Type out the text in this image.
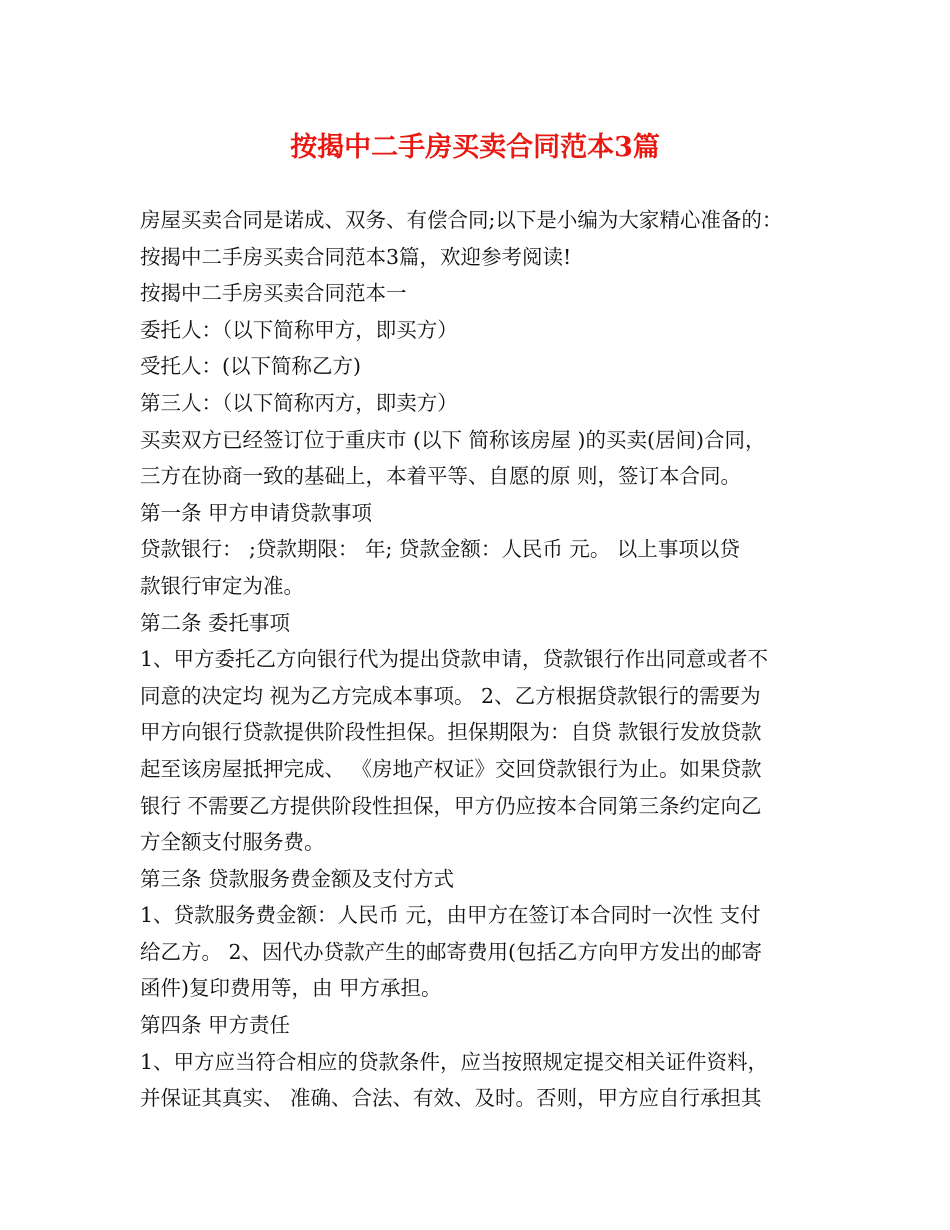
按揭中二手房买卖合同范本3篇
房屋买卖合同是诺成、双务、有偿合同;以下是小编为大家精心准备的：
按揭中二手房买卖合同范本3篇，欢迎参考阅读!
按揭中二手房买卖合同范本一
委托人：（以下简称甲方，即买方）
受托人：(以下简称乙方)
第三人：（以下简称丙方，即卖方）
买卖双方已经签订位于重庆市 (以下 简称该房屋 )的买卖(居间)合同，
三方在协商一致的基础上，本着平等、自愿的原 则，签订本合同。
第一条 甲方申请贷款事项
贷款银行： ;贷款期限： 年; 贷款金额：人民币 元。 以上事项以贷
款银行审定为准。
第二条 委托事项
1、甲方委托乙方向银行代为提出贷款申请，贷款银行作出同意或者不
同意的决定均 视为乙方完成本事项。 2、乙方根据贷款银行的需要为
甲方向银行贷款提供阶段性担保。担保期限为：自贷 款银行发放贷款
起至该房屋抵押完成、 《房地产权证》交回贷款银行为止。如果贷款
银行 不需要乙方提供阶段性担保，甲方仍应按本合同第三条约定向乙
方全额支付服务费。
第三条 贷款服务费金额及支付方式
1、贷款服务费金额：人民币 元，由甲方在签订本合同时一次性 支付
给乙方。 2、因代办贷款产生的邮寄费用(包括乙方向甲方发出的邮寄
函件)复印费用等，由 甲方承担。
第四条 甲方责任
1、甲方应当符合相应的贷款条件，应当按照规定提交相关证件资料，
并保证其真实、 准确、合法、有效、及时。否则，甲方应自行承担其
